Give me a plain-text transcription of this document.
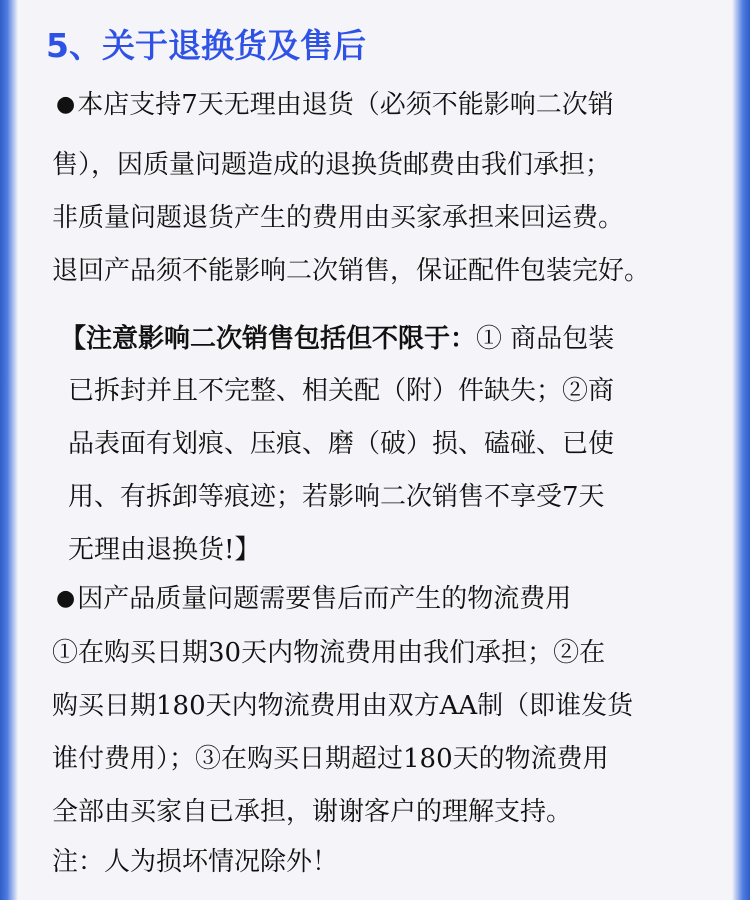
5、关于退换货及售后
●本店支持7天无理由退货（必须不能影响二次销
售），因质量问题造成的退换货邮费由我们承担；
非质量问题退货产生的费用由买家承担来回运费。
退回产品须不能影响二次销售，保证配件包装完好。
【注意影响二次销售包括但不限于：① 商品包装
已拆封并且不完整、相关配（附）件缺失；②商
品表面有划痕、压痕、磨（破）损、磕碰、已使
用、有拆卸等痕迹；若影响二次销售不享受7天
无理由退换货!】
●因产品质量问题需要售后而产生的物流费用
①在购买日期30天内物流费用由我们承担；②在
购买日期180天内物流费用由双方AA制（即谁发货
谁付费用）；③在购买日期超过180天的物流费用
全部由买家自已承担，谢谢客户的理解支持。
注：人为损坏情况除外！
